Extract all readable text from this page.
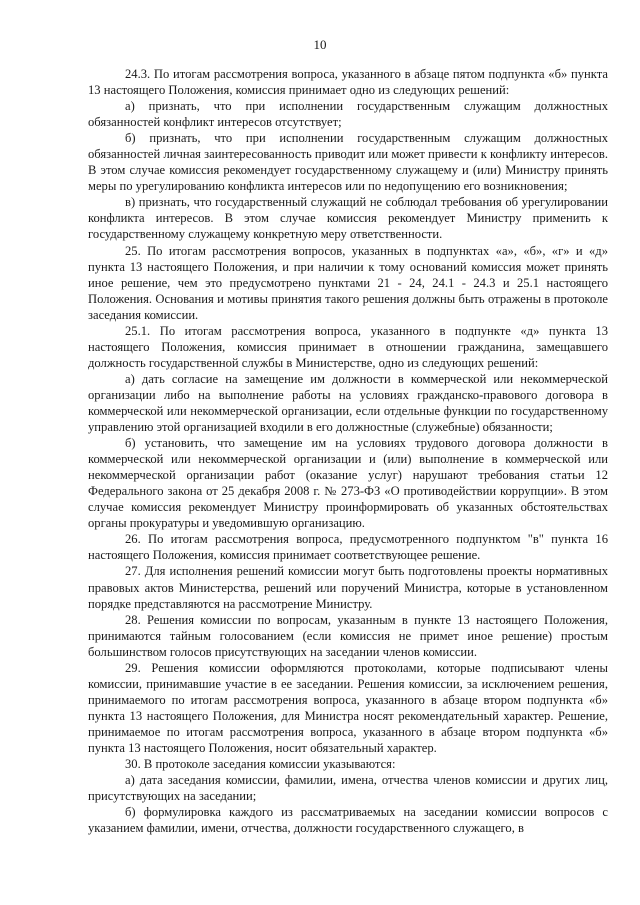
10

24.3. По итогам рассмотрения вопроса, указанного в абзаце пятом подпункта «б» пункта 13 настоящего Положения, комиссия принимает одно из следующих решений:

а) признать, что при исполнении государственным служащим должностных обязанностей конфликт интересов отсутствует;

б) признать, что при исполнении государственным служащим должностных обязанностей личная заинтересованность приводит или может привести к конфликту интересов. В этом случае комиссия рекомендует государственному служащему и (или) Министру принять меры по урегулированию конфликта интересов или по недопущению его возникновения;

в) признать, что государственный служащий не соблюдал требования об урегулировании конфликта интересов. В этом случае комиссия рекомендует Министру применить к государственному служащему конкретную меру ответственности.

25. По итогам рассмотрения вопросов, указанных в подпунктах «а», «б», «г» и «д» пункта 13 настоящего Положения, и при наличии к тому оснований комиссия может принять иное решение, чем это предусмотрено пунктами 21 - 24, 24.1 - 24.3 и 25.1 настоящего Положения. Основания и мотивы принятия такого решения должны быть отражены в протоколе заседания комиссии.

25.1. По итогам рассмотрения вопроса, указанного в подпункте «д» пункта 13 настоящего Положения, комиссия принимает в отношении гражданина, замещавшего должность государственной службы в Министерстве, одно из следующих решений:

а) дать согласие на замещение им должности в коммерческой или некоммерческой организации либо на выполнение работы на условиях гражданско-правового договора в коммерческой или некоммерческой организации, если отдельные функции по государственному управлению этой организацией входили в его должностные (служебные) обязанности;

б) установить, что замещение им на условиях трудового договора должности в коммерческой или некоммерческой организации и (или) выполнение в коммерческой или некоммерческой организации работ (оказание услуг) нарушают требования статьи 12 Федерального закона от 25 декабря 2008 г. № 273-ФЗ «О противодействии коррупции». В этом случае комиссия рекомендует Министру проинформировать об указанных обстоятельствах органы прокуратуры и уведомившую организацию.

26. По итогам рассмотрения вопроса, предусмотренного подпунктом "в" пункта 16 настоящего Положения, комиссия принимает соответствующее решение.

27. Для исполнения решений комиссии могут быть подготовлены проекты нормативных правовых актов Министерства, решений или поручений Министра, которые в установленном порядке представляются на рассмотрение Министру.

28. Решения комиссии по вопросам, указанным в пункте 13 настоящего Положения, принимаются тайным голосованием (если комиссия не примет иное решение) простым большинством голосов присутствующих на заседании членов комиссии.

29. Решения комиссии оформляются протоколами, которые подписывают члены комиссии, принимавшие участие в ее заседании. Решения комиссии, за исключением решения, принимаемого по итогам рассмотрения вопроса, указанного в абзаце втором подпункта «б» пункта 13 настоящего Положения, для Министра носят рекомендательный характер. Решение, принимаемое по итогам рассмотрения вопроса, указанного в абзаце втором подпункта «б» пункта 13 настоящего Положения, носит обязательный характер.

30. В протоколе заседания комиссии указываются:

а) дата заседания комиссии, фамилии, имена, отчества членов комиссии и других лиц, присутствующих на заседании;

б) формулировка каждого из рассматриваемых на заседании комиссии вопросов с указанием фамилии, имени, отчества, должности государственного служащего, в
